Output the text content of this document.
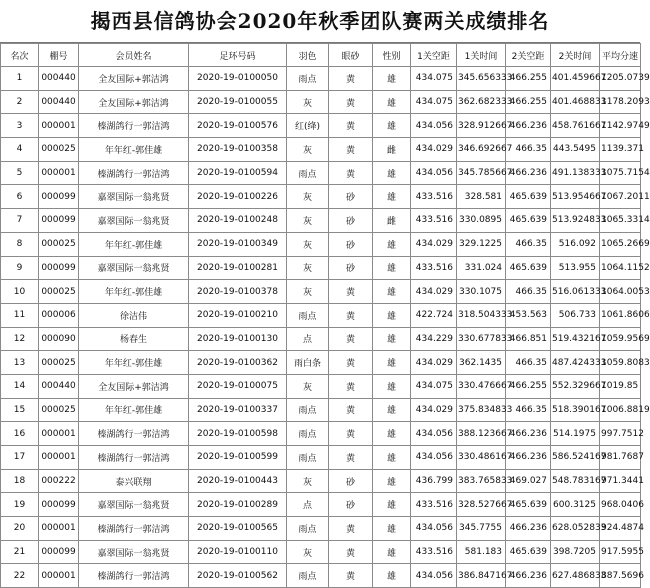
揭西县信鸽协会2020年秋季团队赛两关成绩排名
名次	棚号	会员姓名	足环号码	羽色	眼砂	性别	1关空距	1关时间	2关空距	2关时间	平均分速
1	000440	全友国际+郭洁鸿	2020-19-0100050	雨点	黄	雄	434.075	345.656333	466.255	401.459667	1205.0739
2	000440	全友国际+郭洁鸿	2020-19-0100055	灰	黄	雄	434.075	362.682333	466.255	401.468833	1178.2093
3	000001	榛湖鸽行一郭洁鸿	2020-19-0100576	红(绛)	黄	雄	434.056	328.912667	466.236	458.761667	1142.9749
4	000025	年年红-郭佳雄	2020-19-0100358	灰	黄	雌	434.029	346.692667	466.35	443.5495	1139.371
5	000001	榛湖鸽行一郭洁鸿	2020-19-0100594	雨点	黄	雄	434.056	345.785667	466.236	491.138333	1075.7154
6	000099	嘉翠国际一翁兆贤	2020-19-0100226	灰	砂	雄	433.516	328.581	465.639	513.954667	1067.2011
7	000099	嘉翠国际一翁兆贤	2020-19-0100248	灰	砂	雌	433.516	330.0895	465.639	513.924833	1065.3314
8	000025	年年红-郭佳雄	2020-19-0100349	灰	砂	雄	434.029	329.1225	466.35	516.092	1065.2669
9	000099	嘉翠国际一翁兆贤	2020-19-0100281	灰	砂	雄	433.516	331.024	465.639	513.955	1064.1152
10	000025	年年红-郭佳雄	2020-19-0100378	灰	黄	雄	434.029	330.1075	466.35	516.061333	1064.0053
11	000006	徐洁伟	2020-19-0100210	雨点	黄	雄	422.724	318.504333	453.563	506.733	1061.8606
12	000090	杨春生	2020-19-0100130	点	黄	雄	434.229	330.677833	466.851	519.432167	1059.9569
13	000025	年年红-郭佳雄	2020-19-0100362	雨白条	黄	雄	434.029	362.1435	466.35	487.424333	1059.8083
14	000440	全友国际+郭洁鸿	2020-19-0100075	灰	黄	雄	434.075	330.476667	466.255	552.329667	1019.85
15	000025	年年红-郭佳雄	2020-19-0100337	雨点	黄	雄	434.029	375.834833	466.35	518.390167	1006.8819
16	000001	榛湖鸽行一郭洁鸿	2020-19-0100598	雨点	黄	雄	434.056	388.123667	466.236	514.1975	997.7512
17	000001	榛湖鸽行一郭洁鸿	2020-19-0100599	雨点	黄	雄	434.056	330.486167	466.236	586.524167	981.7687
18	000222	泰兴联翔	2020-19-0100443	灰	砂	雄	436.799	383.765833	469.027	548.783167	971.3441
19	000099	嘉翠国际一翁兆贤	2020-19-0100289	点	砂	雄	433.516	328.527667	465.639	600.3125	968.0406
20	000001	榛湖鸽行一郭洁鸿	2020-19-0100565	雨点	黄	雄	434.056	345.7755	466.236	628.052833	924.4874
21	000099	嘉翠国际一翁兆贤	2020-19-0100110	灰	黄	雄	433.516	581.183	465.639	398.7205	917.5955
22	000001	榛湖鸽行一郭洁鸿	2020-19-0100562	雨点	黄	雄	434.056	386.847167	466.236	627.486833	887.5696
